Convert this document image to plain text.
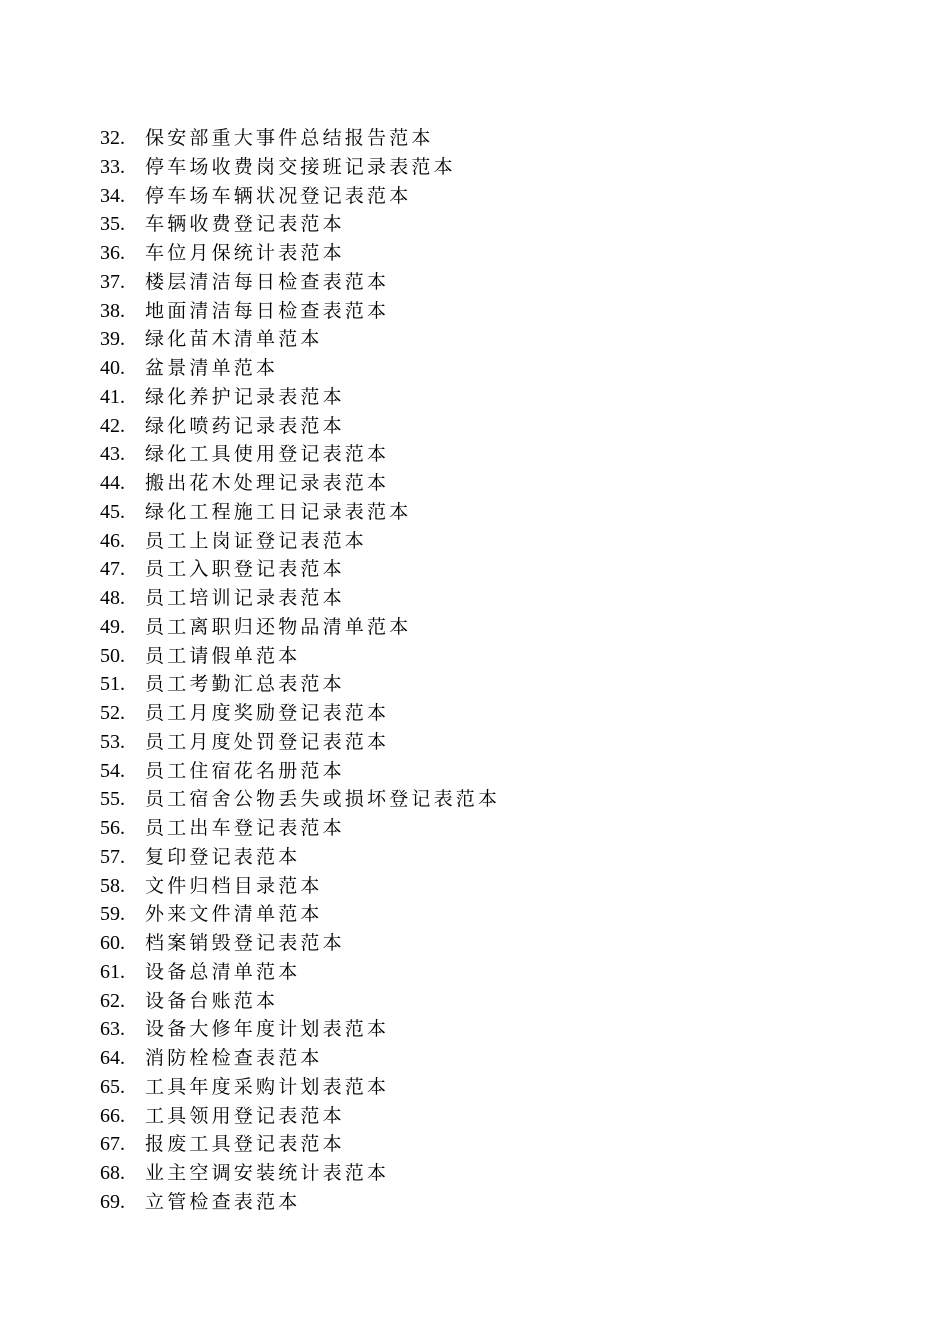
32. 保安部重大事件总结报告范本
33. 停车场收费岗交接班记录表范本
34. 停车场车辆状况登记表范本
35. 车辆收费登记表范本
36. 车位月保统计表范本
37. 楼层清洁每日检查表范本
38. 地面清洁每日检查表范本
39. 绿化苗木清单范本
40. 盆景清单范本
41. 绿化养护记录表范本
42. 绿化喷药记录表范本
43. 绿化工具使用登记表范本
44. 搬出花木处理记录表范本
45. 绿化工程施工日记录表范本
46. 员工上岗证登记表范本
47. 员工入职登记表范本
48. 员工培训记录表范本
49. 员工离职归还物品清单范本
50. 员工请假单范本
51. 员工考勤汇总表范本
52. 员工月度奖励登记表范本
53. 员工月度处罚登记表范本
54. 员工住宿花名册范本
55. 员工宿舍公物丢失或损坏登记表范本
56. 员工出车登记表范本
57. 复印登记表范本
58. 文件归档目录范本
59. 外来文件清单范本
60. 档案销毁登记表范本
61. 设备总清单范本
62. 设备台账范本
63. 设备大修年度计划表范本
64. 消防栓检查表范本
65. 工具年度采购计划表范本
66. 工具领用登记表范本
67. 报废工具登记表范本
68. 业主空调安装统计表范本
69. 立管检查表范本
